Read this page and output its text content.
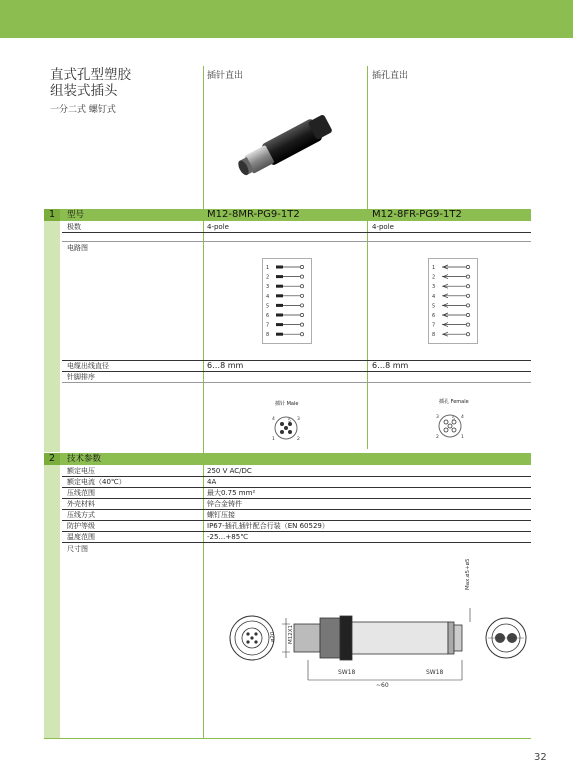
直式孔型塑胶
组装式插头
一分二式 螺钉式
插针直出	插孔直出
1	型号	M12-8MR-PG9-1T2	M12-8FR-PG9-1T2
极数	4-pole	4-pole
电路图
1
2
3
4
5
6
7
8
1
2
3
4
5
6
7
8
电缆出线直径	6…8 mm	6…8 mm
针脚排序
插针 Male	插孔 Female
4	3
1	2
5
3	4
2	1
5
2	技术参数
额定电压	250 V AC/DC
额定电流（40℃）	4A
压线范围	最大0.75 mm²
外壳材料	锌合金铸件
压线方式	螺钉压接
防护等级	IP67-插孔插针配合行装（EN 60529）
温度范围	-25…+85℃
尺寸图
ø20 M12X1
SW18	SW18
~60
Max.ø5+ø5
32
